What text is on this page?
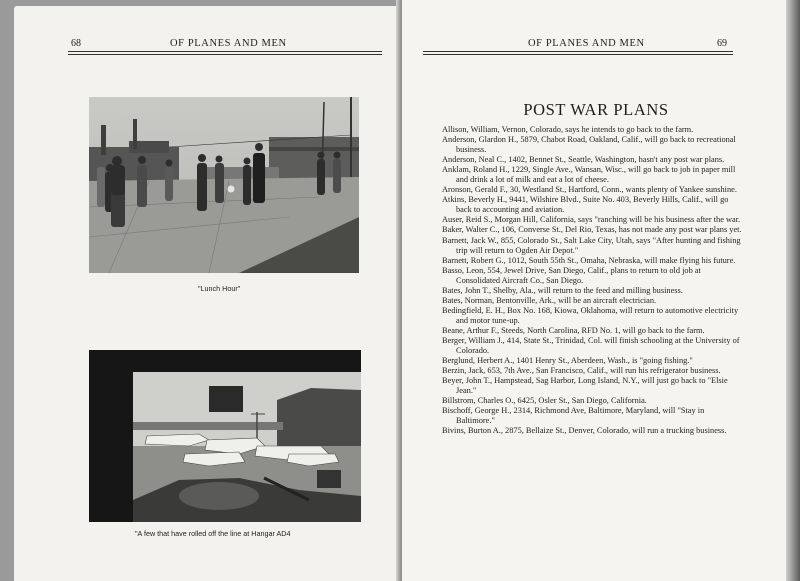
68	OF PLANES AND MEN
"Lunch Hour"
"A few that have rolled off the line at Hangar AD4
OF PLANES AND MEN	69
POST WAR PLANS

Allison, William, Vernon, Colorado, says he intends to go back to the farm.

Anderson, Glardon H., 5879, Chabot Road, Oakland, Calif., will go back to recreational business.

Anderson, Neal C., 1402, Bennet St., Seattle, Washington, hasn't any post war plans.

Anklam, Roland H., 1229, Single Ave., Wansan, Wisc., will go back to job in paper mill and drink a lot of milk and eat a lot of cheese.

Aronson, Gerald F., 30, Westland St., Hartford, Conn., wants plenty of Yankee sunshine.

Atkins, Beverly H., 9441, Wilshire Blvd., Suite No. 403, Beverly Hills, Calif., will go back to accounting and aviation.

Auser, Reid S., Morgan Hill, California, says "ranching will be his business after the war.

Baker, Walter C., 106, Converse St., Del Rio, Texas, has not made any post war plans yet.

Barnett, Jack W., 855, Colorado St., Salt Lake City, Utah, says "After hunting and fishing trip will return to Ogden Air Depot."

Barnett, Robert G., 1012, South 55th St., Omaha, Nebraska, will make flying his future.

Basso, Leon, 554, Jewel Drive, San Diego, Calif., plans to return to old job at Consolidated Aircraft Co., San Diego.

Bates, John T., Shelby, Ala., will return to the feed and milling business.

Bates, Norman, Bentonville, Ark., will be an aircraft electrician.

Bedingfield, E. H., Box No. 168, Kiowa, Oklahoma, will return to automotive electricity and motor tune-up.

Beane, Arthur F., Steeds, North Carolina, RFD No. 1, will go back to the farm.

Berger, William J., 414, State St., Trinidad, Col. will finish schooling at the University of Colorado.

Berglund, Herbert A., 1401 Henry St., Aberdeen, Wash., is "going fishing."

Berzin, Jack, 653, 7th Ave., San Francisco, Calif., will run his refrigerator business.

Beyer, John T., Hampstead, Sag Harbor, Long Island, N.Y., will just go back to "Elsie Jean."

Billstrom, Charles O., 6425, Osler St., San Diego, California.

Bischoff, George H., 2314, Richmond Ave, Baltimore, Maryland, will "Stay in Baltimore."

Bivins, Burton A., 2875, Bellaize St., Denver, Colorado, will run a trucking business.
